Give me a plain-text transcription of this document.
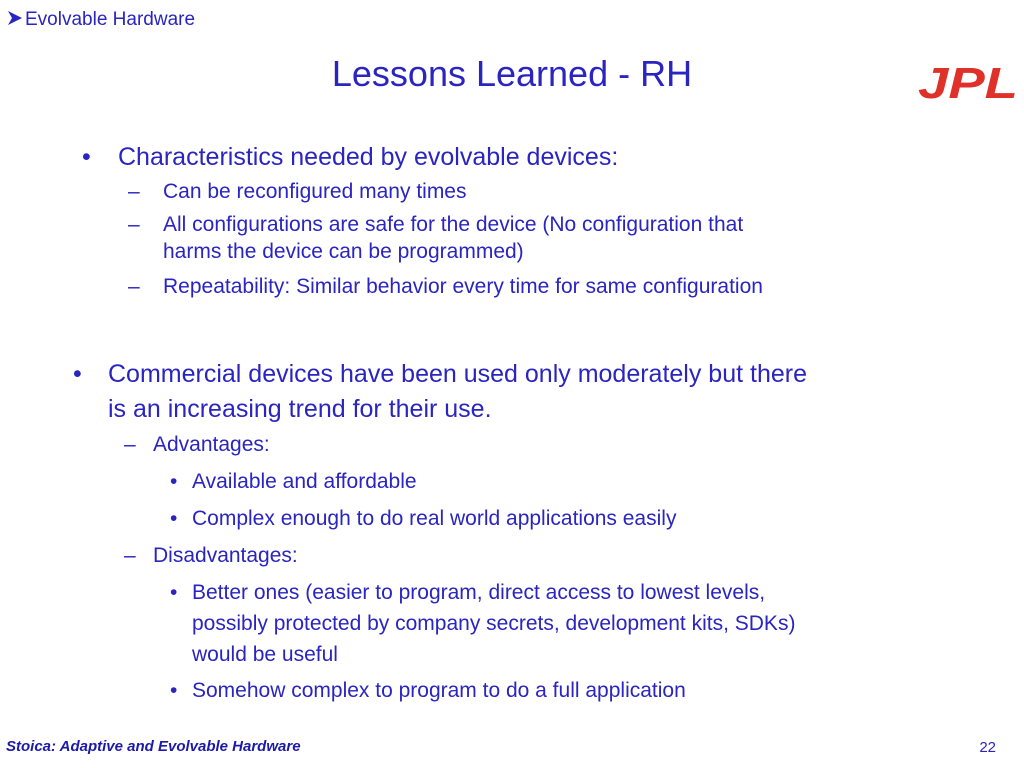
Evolvable Hardware
Lessons Learned - RH	JPL
• Characteristics needed by evolvable devices:
– Can be reconfigured many times
– All configurations are safe for the device (No configuration that
harms the device can be programmed)
– Repeatability: Similar behavior every time for same configuration
• Commercial devices have been used only moderately but there
is an increasing trend for their use.
– Advantages:
• Available and affordable
• Complex enough to do real world applications easily
– Disadvantages:
• Better ones (easier to program, direct access to lowest levels,
possibly protected by company secrets, development kits, SDKs)
would be useful
• Somehow complex to program to do a full application
Stoica: Adaptive and Evolvable Hardware	22
